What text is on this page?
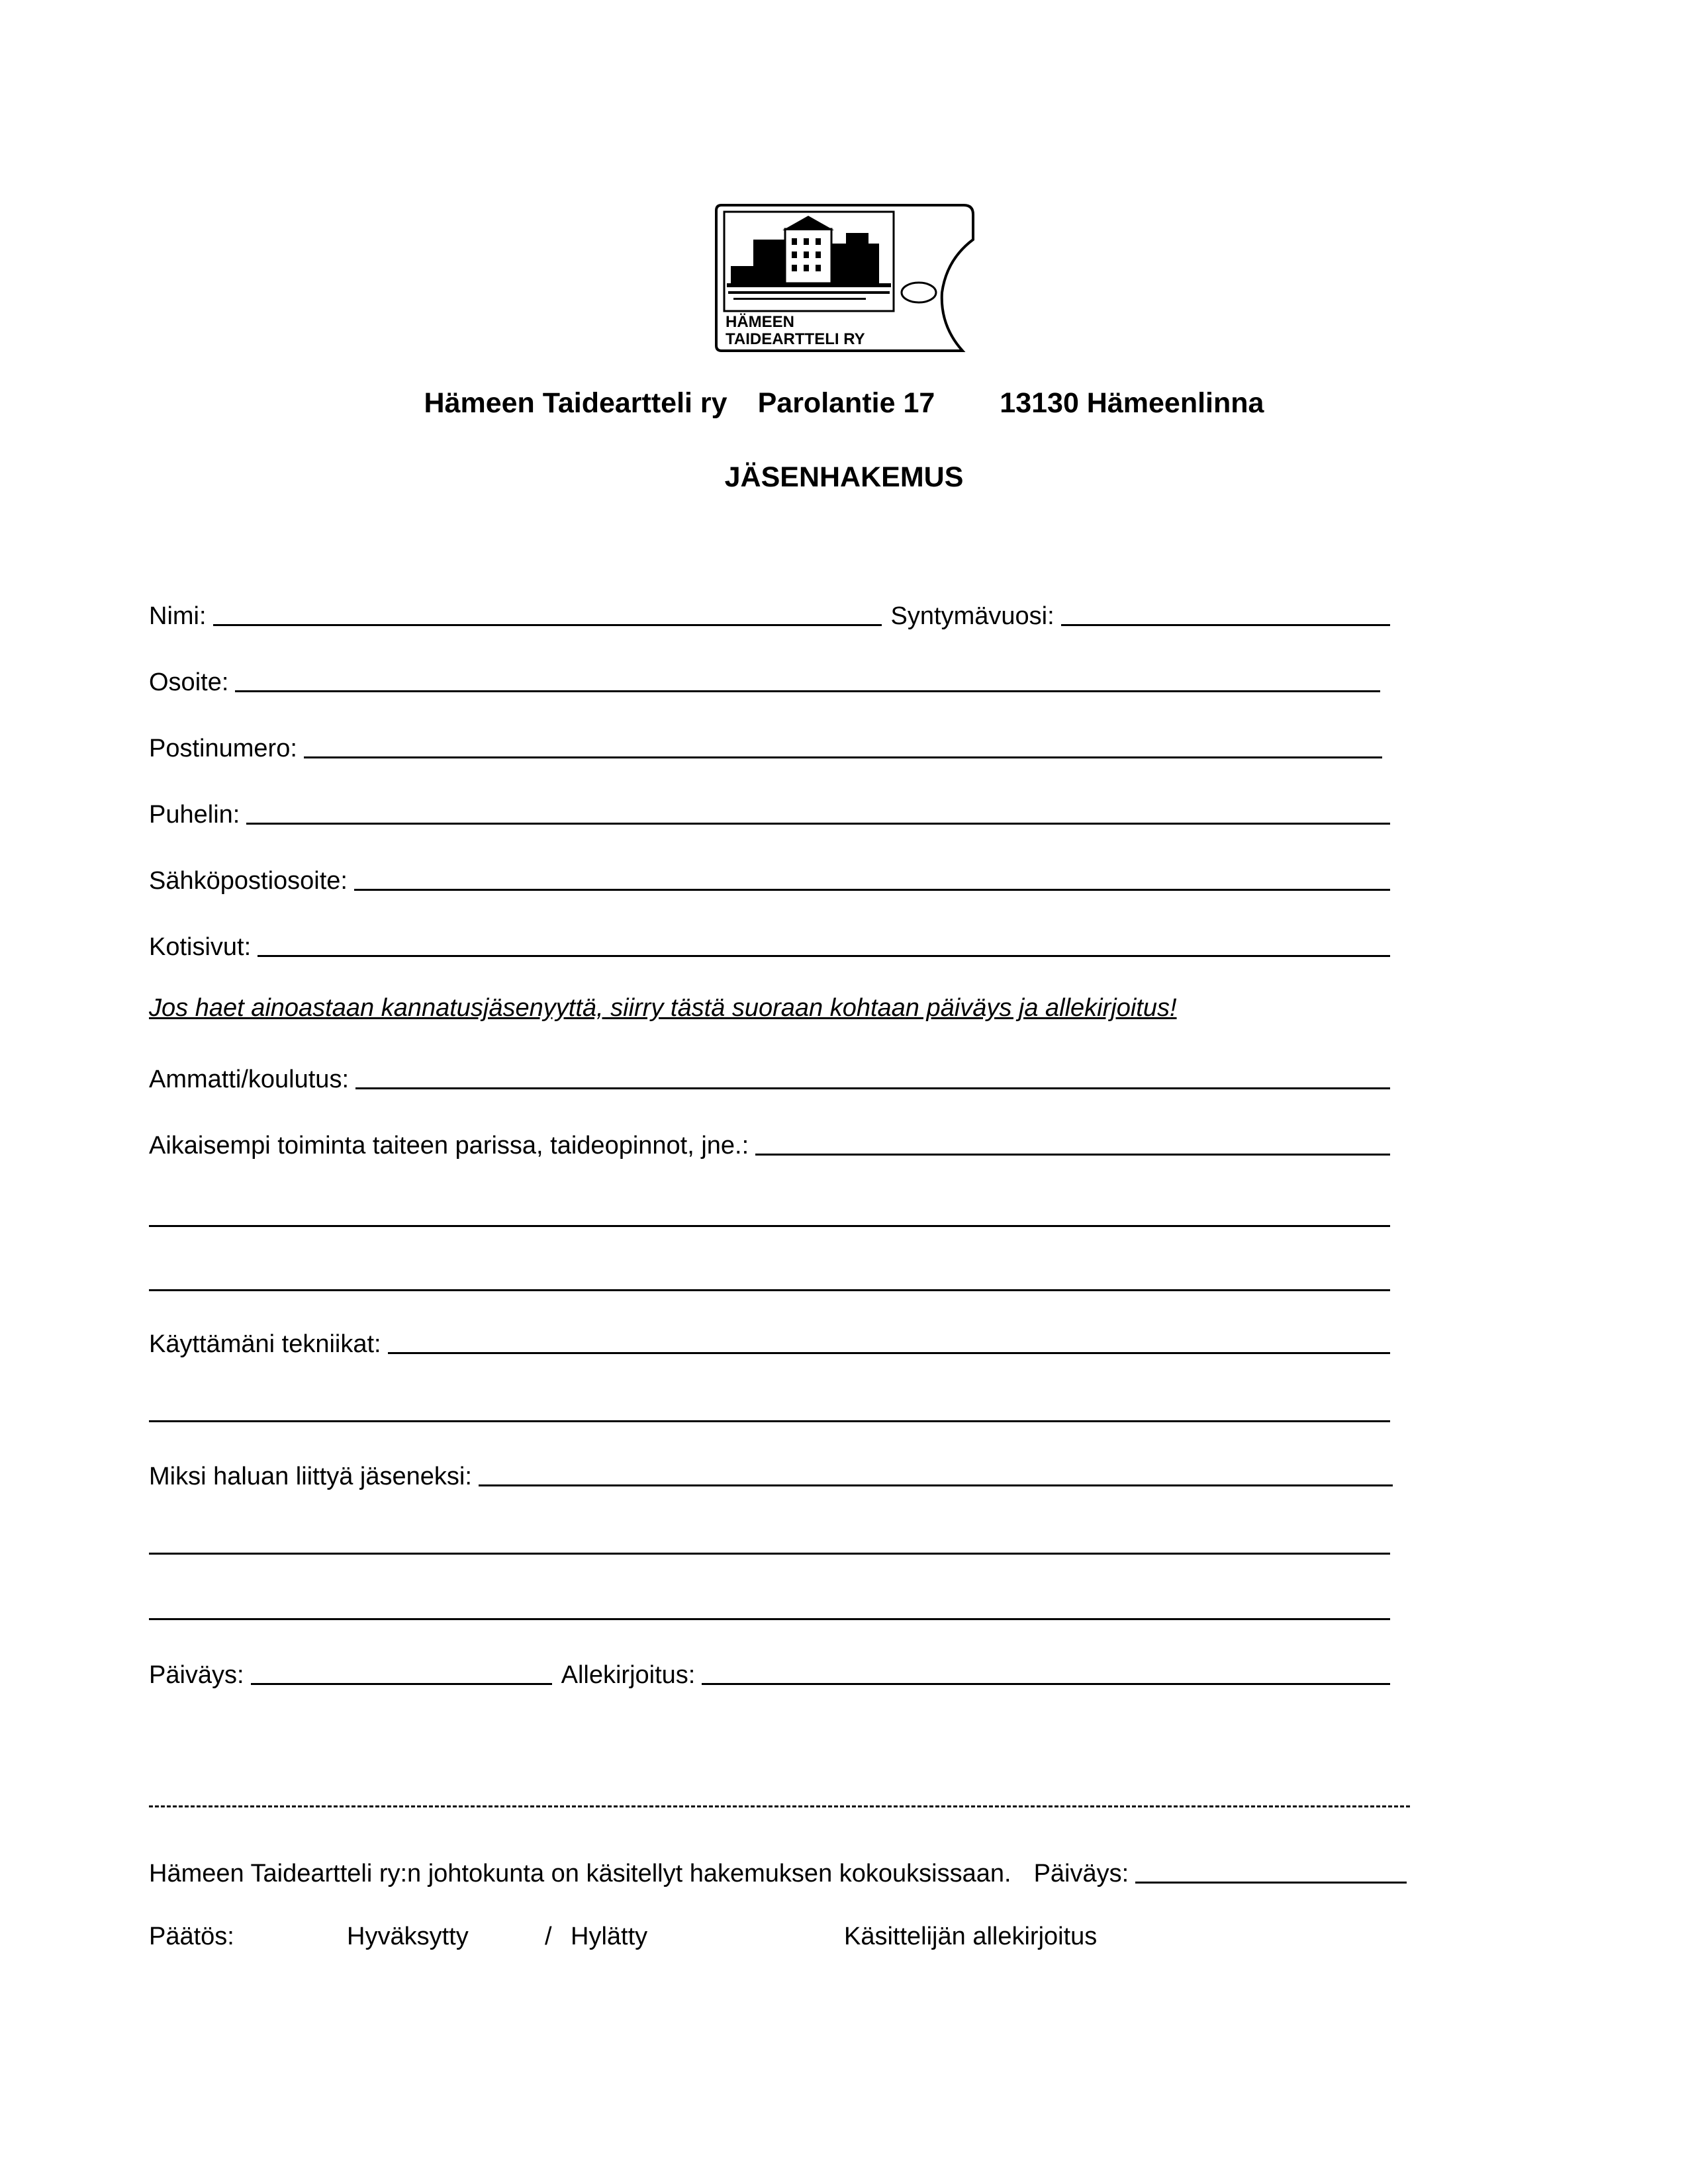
HÄMEEN
TAIDEARTTELI RY
Hämeen Taideartteli ry Parolantie 17 13130 Hämeenlinna
JÄSENHAKEMUS
Nimi:	Syntymävuosi:
Osoite:
Postinumero:
Puhelin:
Sähköpostiosoite:
Kotisivut:
Jos haet ainoastaan kannatusjäsenyyttä, siirry tästä suoraan kohtaan päiväys ja allekirjoitus!
Ammatti/koulutus:
Aikaisempi toiminta taiteen parissa, taideopinnot, jne.:
Käyttämäni tekniikat:
Miksi haluan liittyä jäseneksi:
Päiväys:	Allekirjoitus:
Hämeen Taideartteli ry:n johtokunta on käsitellyt hakemuksen kokouksissaan. Päiväys:
Päätös:	Hyväksytty	/ Hylätty	Käsittelijän allekirjoitus
